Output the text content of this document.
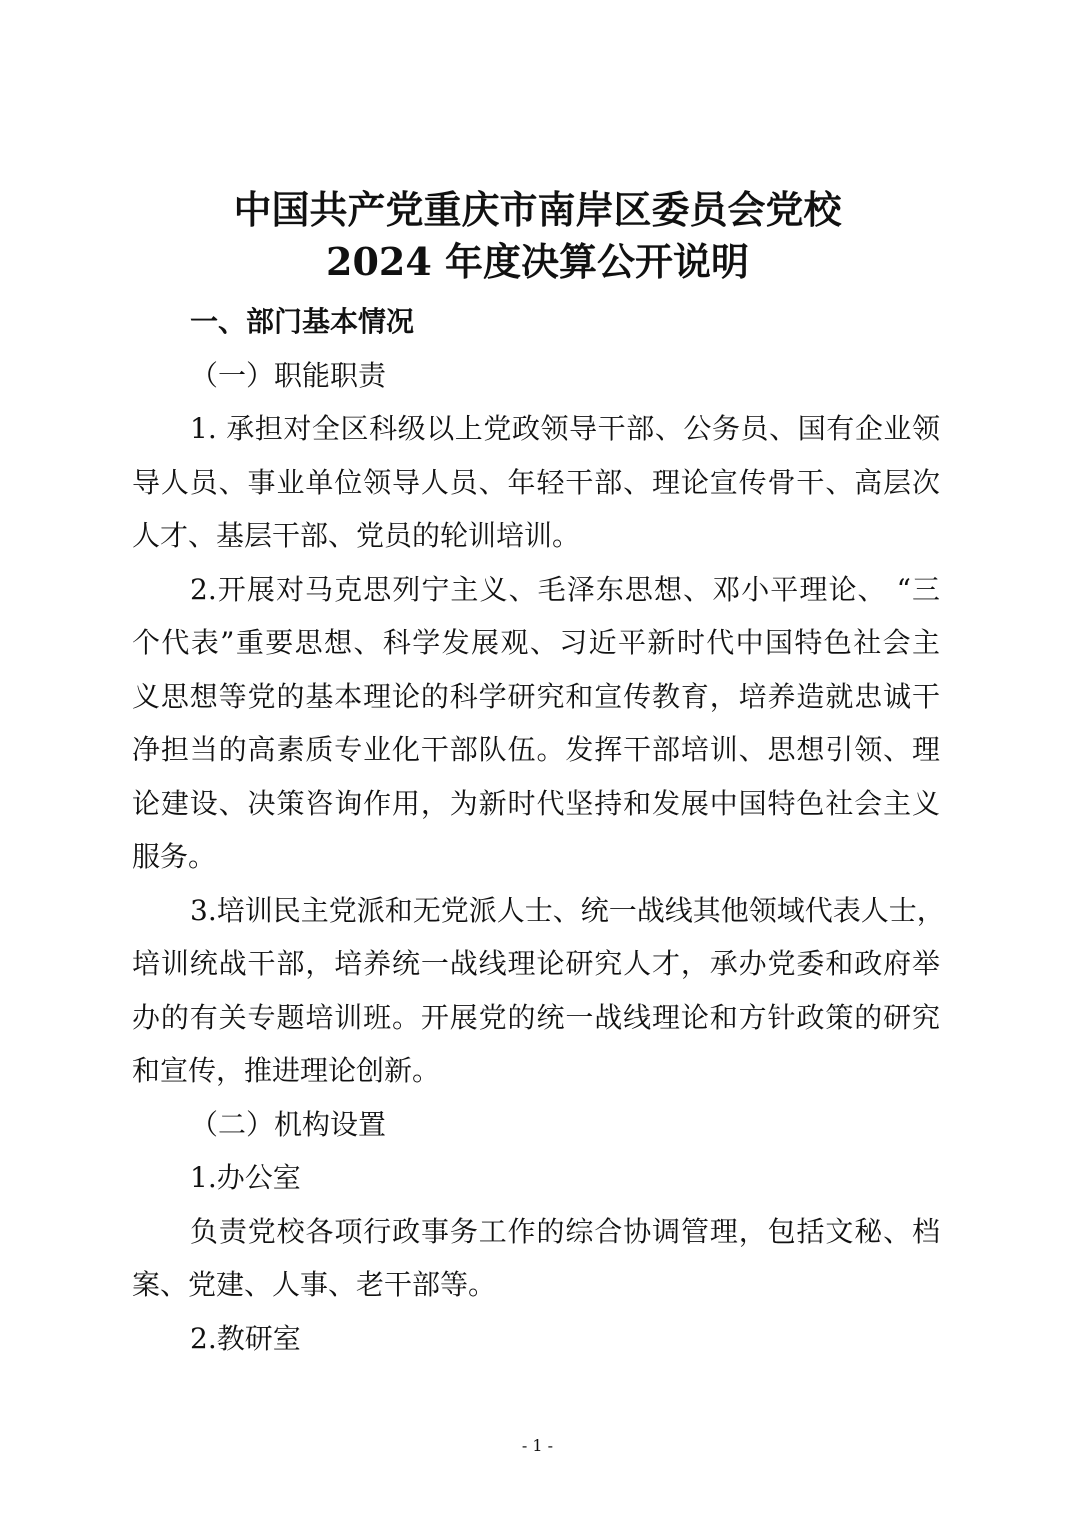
中国共产党重庆市南岸区委员会党校
2024 年度决算公开说明
一、部门基本情况
（一）职能职责
1. 承担对全区科级以上党政领导干部、公务员、国有企业领
导人员、事业单位领导人员、年轻干部、理论宣传骨干、高层次
人才、基层干部、党员的轮训培训。
2.开展对马克思列宁主义、毛泽东思想、邓小平理论、 “三
个代表”重要思想、科学发展观、习近平新时代中国特色社会主
义思想等党的基本理论的科学研究和宣传教育，培养造就忠诚干
净担当的高素质专业化干部队伍。发挥干部培训、思想引领、理
论建设、决策咨询作用，为新时代坚持和发展中国特色社会主义
服务。
3.培训民主党派和无党派人士、统一战线其他领域代表人士，
培训统战干部，培养统一战线理论研究人才，承办党委和政府举
办的有关专题培训班。开展党的统一战线理论和方针政策的研究
和宣传，推进理论创新。
（二）机构设置
1.办公室
负责党校各项行政事务工作的综合协调管理，包括文秘、档
案、党建、人事、老干部等。
2.教研室
- 1 -
